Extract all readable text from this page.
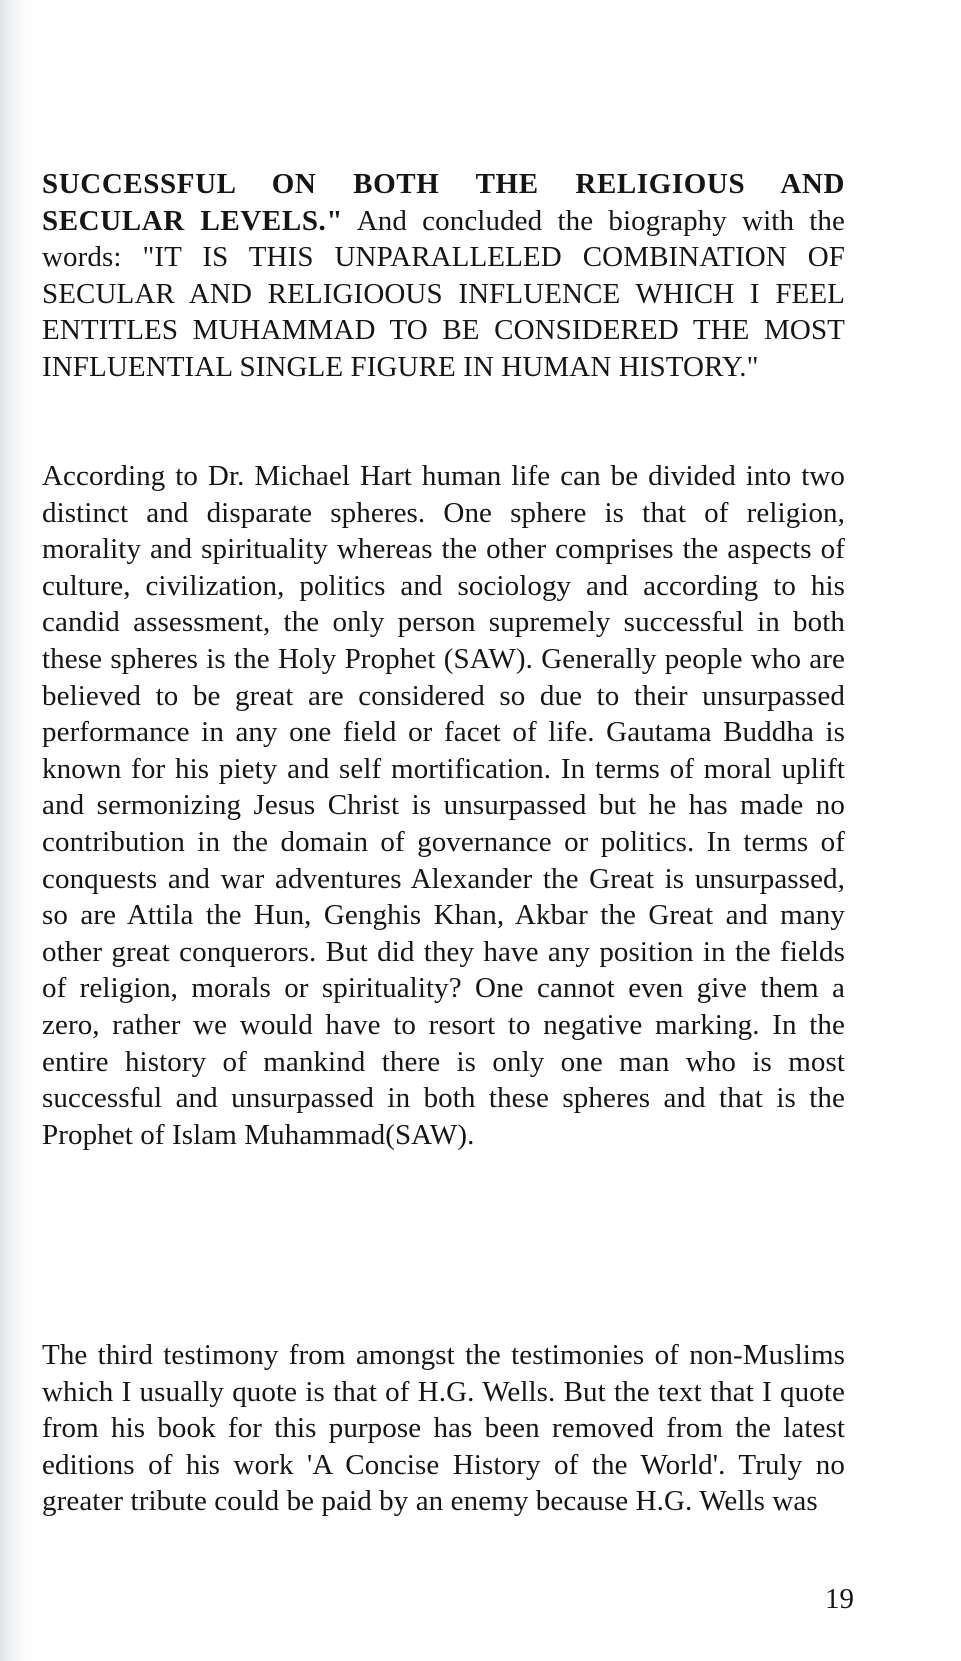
SUCCESSFUL ON BOTH THE RELIGIOUS AND SECULAR LEVELS." And concluded the biography with the words: "IT IS THIS UNPARALLELED COMBINATION OF SECULAR AND RELIGIOOUS INFLUENCE WHICH I FEEL ENTITLES MUHAMMAD TO BE CONSIDERED THE MOST INFLUENTIAL SINGLE FIGURE IN HUMAN HISTORY."
According to Dr. Michael Hart human life can be divided into two distinct and disparate spheres. One sphere is that of religion, morality and spirituality whereas the other comprises the aspects of culture, civilization, politics and sociology and according to his candid assessment, the only person supremely successful in both these spheres is the Holy Prophet (SAW). Generally people who are believed to be great are considered so due to their unsurpassed performance in any one field or facet of life. Gautama Buddha is known for his piety and self mortification. In terms of moral uplift and sermonizing Jesus Christ is unsurpassed but he has made no contribution in the domain of governance or politics. In terms of conquests and war adventures Alexander the Great is unsurpassed, so are Attila the Hun, Genghis Khan, Akbar the Great and many other great conquerors. But did they have any position in the fields of religion, morals or spirituality? One cannot even give them a zero, rather we would have to resort to negative marking. In the entire history of mankind there is only one man who is most successful and unsurpassed in both these spheres and that is the Prophet of Islam Muhammad(SAW).
The third testimony from amongst the testimonies of non-Muslims which I usually quote is that of H.G. Wells. But the text that I quote from his book for this purpose has been removed from the latest editions of his work 'A Concise History of the World'. Truly no greater tribute could be paid by an enemy because H.G. Wells was
19
